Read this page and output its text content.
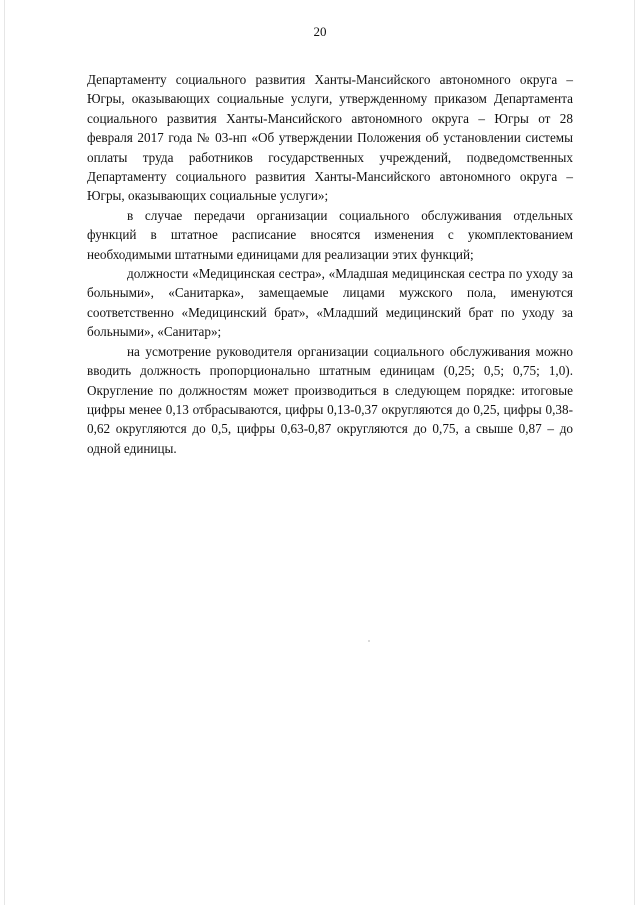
20

Департаменту социального развития Ханты-Мансийского автономного округа – Югры, оказывающих социальные услуги, утвержденному приказом Департамента социального развития Ханты-Мансийского автономного округа – Югры от 28 февраля 2017 года № 03-нп «Об утверждении Положения об установлении системы оплаты труда работников государственных учреждений, подведомственных Департаменту социального развития Ханты-Мансийского автономного округа – Югры, оказывающих социальные услуги»;

в случае передачи организации социального обслуживания отдельных функций в штатное расписание вносятся изменения с укомплектованием необходимыми штатными единицами для реализации этих функций;

должности «Медицинская сестра», «Младшая медицинская сестра по уходу за больными», «Санитарка», замещаемые лицами мужского пола, именуются соответственно «Медицинский брат», «Младший медицинский брат по уходу за больными», «Санитар»;

на усмотрение руководителя организации социального обслуживания можно вводить должность пропорционально штатным единицам (0,25; 0,5; 0,75; 1,0). Округление по должностям может производиться в следующем порядке: итоговые цифры менее 0,13 отбрасываются, цифры 0,13-0,37 округляются до 0,25, цифры 0,38-0,62 округляются до 0,5, цифры 0,63-0,87 округляются до 0,75, а свыше 0,87 – до одной единицы.
